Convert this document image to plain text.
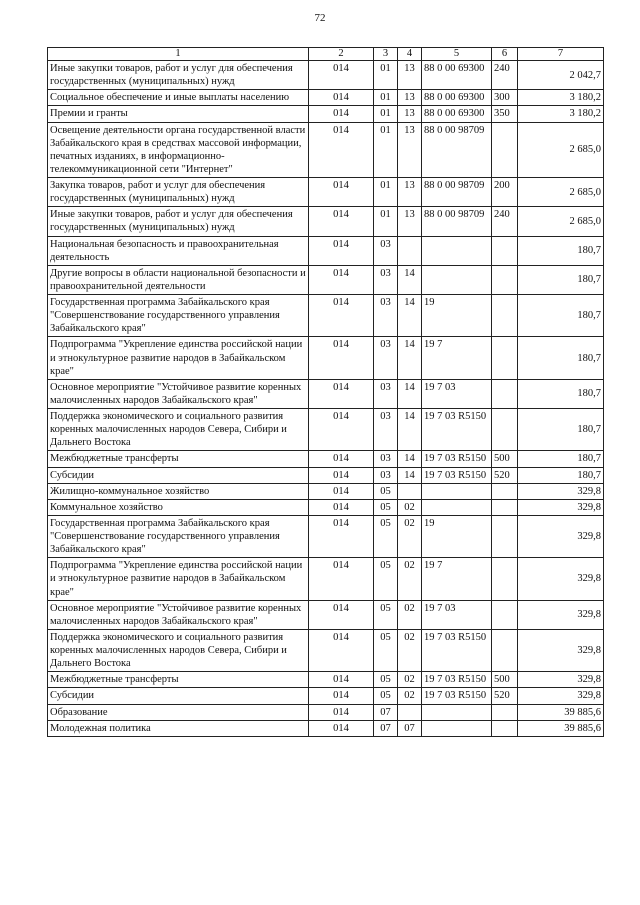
72
1	2	3	4	5	6	7
Иные закупки товаров, работ и услуг для обеспечения государственных (муниципальных) нужд	014	01	13	88 0 00 69300	240	2 042,7
Социальное обеспечение и иные выплаты населению	014	01	13	88 0 00 69300	300	3 180,2
Премии и гранты	014	01	13	88 0 00 69300	350	3 180,2
Освещение деятельности органа государственной власти Забайкальского края в средствах массовой информации, печатных изданиях, в информационно-телекоммуникационной сети "Интернет"	014	01	13	88 0 00 98709		2 685,0
Закупка товаров, работ и услуг для обеспечения государственных (муниципальных) нужд	014	01	13	88 0 00 98709	200	2 685,0
Иные закупки товаров, работ и услуг для обеспечения государственных (муниципальных) нужд	014	01	13	88 0 00 98709	240	2 685,0
Национальная безопасность и правоохранительная деятельность	014	03				180,7
Другие вопросы в области национальной безопасности и правоохранительной деятельности	014	03	14			180,7
Государственная программа Забайкальского края "Совершенствование государственного управления Забайкальского края"	014	03	14	19		180,7
Подпрограмма "Укрепление единства российской нации и этнокультурное развитие народов в Забайкальском крае"	014	03	14	19 7		180,7
Основное мероприятие "Устойчивое развитие коренных малочисленных народов Забайкальского края"	014	03	14	19 7 03		180,7
Поддержка экономического и социального развития коренных малочисленных народов Севера, Сибири и Дальнего Востока	014	03	14	19 7 03 R5150		180,7
Межбюджетные трансферты	014	03	14	19 7 03 R5150	500	180,7
Субсидии	014	03	14	19 7 03 R5150	520	180,7
Жилищно-коммунальное хозяйство	014	05				329,8
Коммунальное хозяйство	014	05	02			329,8
Государственная программа Забайкальского края "Совершенствование государственного управления Забайкальского края"	014	05	02	19		329,8
Подпрограмма "Укрепление единства российской нации и этнокультурное развитие народов в Забайкальском крае"	014	05	02	19 7		329,8
Основное мероприятие "Устойчивое развитие коренных малочисленных народов Забайкальского края"	014	05	02	19 7 03		329,8
Поддержка экономического и социального развития коренных малочисленных народов Севера, Сибири и Дальнего Востока	014	05	02	19 7 03 R5150		329,8
Межбюджетные трансферты	014	05	02	19 7 03 R5150	500	329,8
Субсидии	014	05	02	19 7 03 R5150	520	329,8
Образование	014	07				39 885,6
Молодежная политика	014	07	07			39 885,6
